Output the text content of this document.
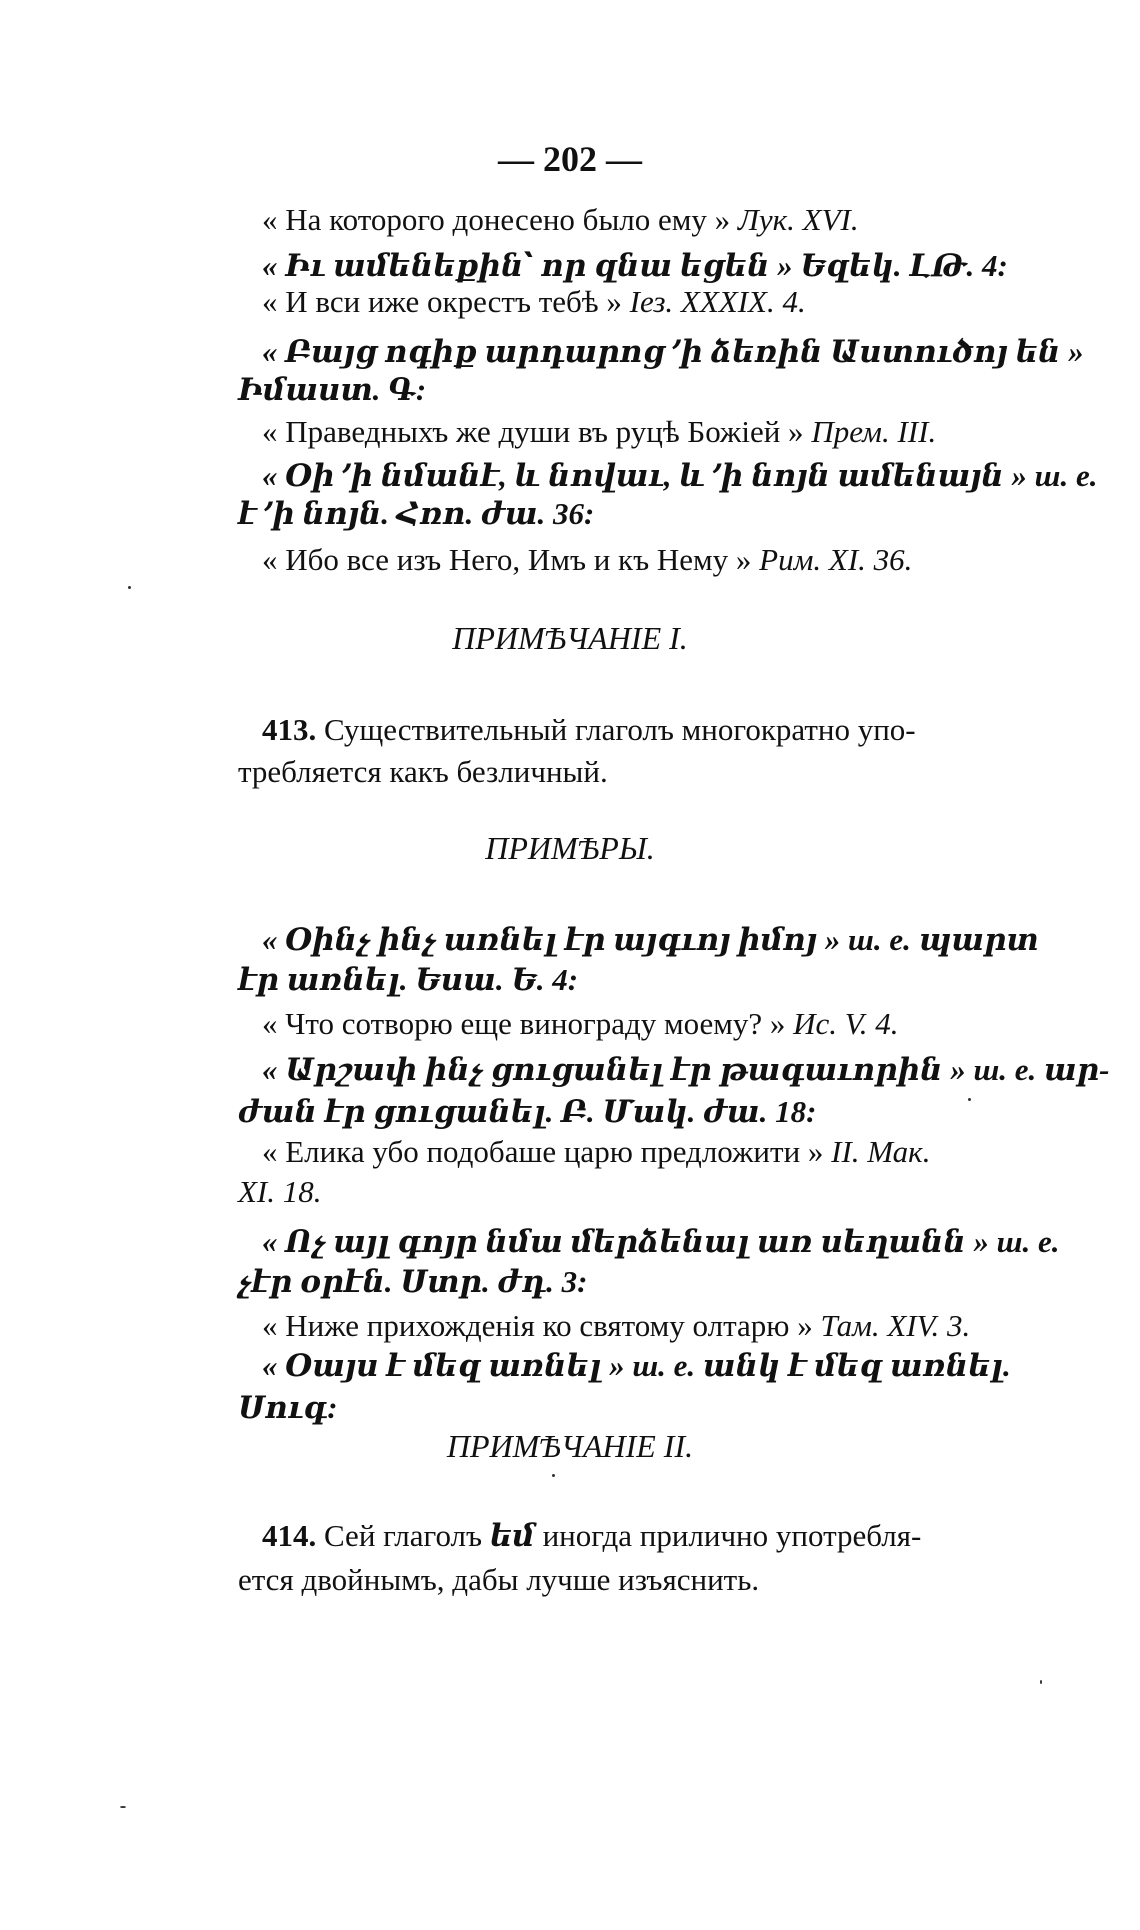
— 202 —
« На которого донесено было ему » Лук. XVI.
« Իւ ամենեքին՝ որ զնա եցեն » Եզեկ. ԼԹ. 4:
« И вси иже окрестъ тебѣ » Iез. XXXIX. 4.
« Բայց ոգիք արդարոց ՚ի ձեռին Աստուծոյ են »
Իմաստ. Գ:
« Праведныхъ же души въ руцѣ Божіей » Прем. III.
« Օի ՚ի նմանէ, և նովաւ, և ՚ի նոյն ամենայն » ш. е.
է ՚ի նոյն. Հռո. ժա. 36:
« Ибо все изъ Него, Имъ и къ Нему » Рим. XI. 36.
ПРИМѢЧАНІЕ I.
413. Существительный глаголъ многократно упо-
требляется какъ безличный.
ПРИМѢРЫ.
« Օինչ ինչ առնել էր այգւոյ իմոյ » ш. е. պարտ
էր առնել. Եսա. Ե. 4:
« Что сотворю еще винограду моему? » Ис. V. 4.
« Արշափ ինչ ցուցանել էր թագաւորին » ш. е. ար-
ժան էր ցուցանել. Բ. Մակ. ժա. 18:
« Елика убо подобаше царю предложити » II. Мак.
XI. 18.
« Ոչ այլ գոյր նմա մերձենալ առ սեղանն » ш. е.
չէր օրէն. Ստր. ժդ. 3:
« Ниже прихожденія ко святому олтарю » Там. XIV. 3.
« Օայս է մեզ առնել » ш. е. անկ է մեզ առնել.
Սուգ:
ПРИМѢЧАНІЕ II.
414. Сей глаголъ եմ иногда прилично употребля-
ется двойнымъ, дабы лучше изъяснить.
